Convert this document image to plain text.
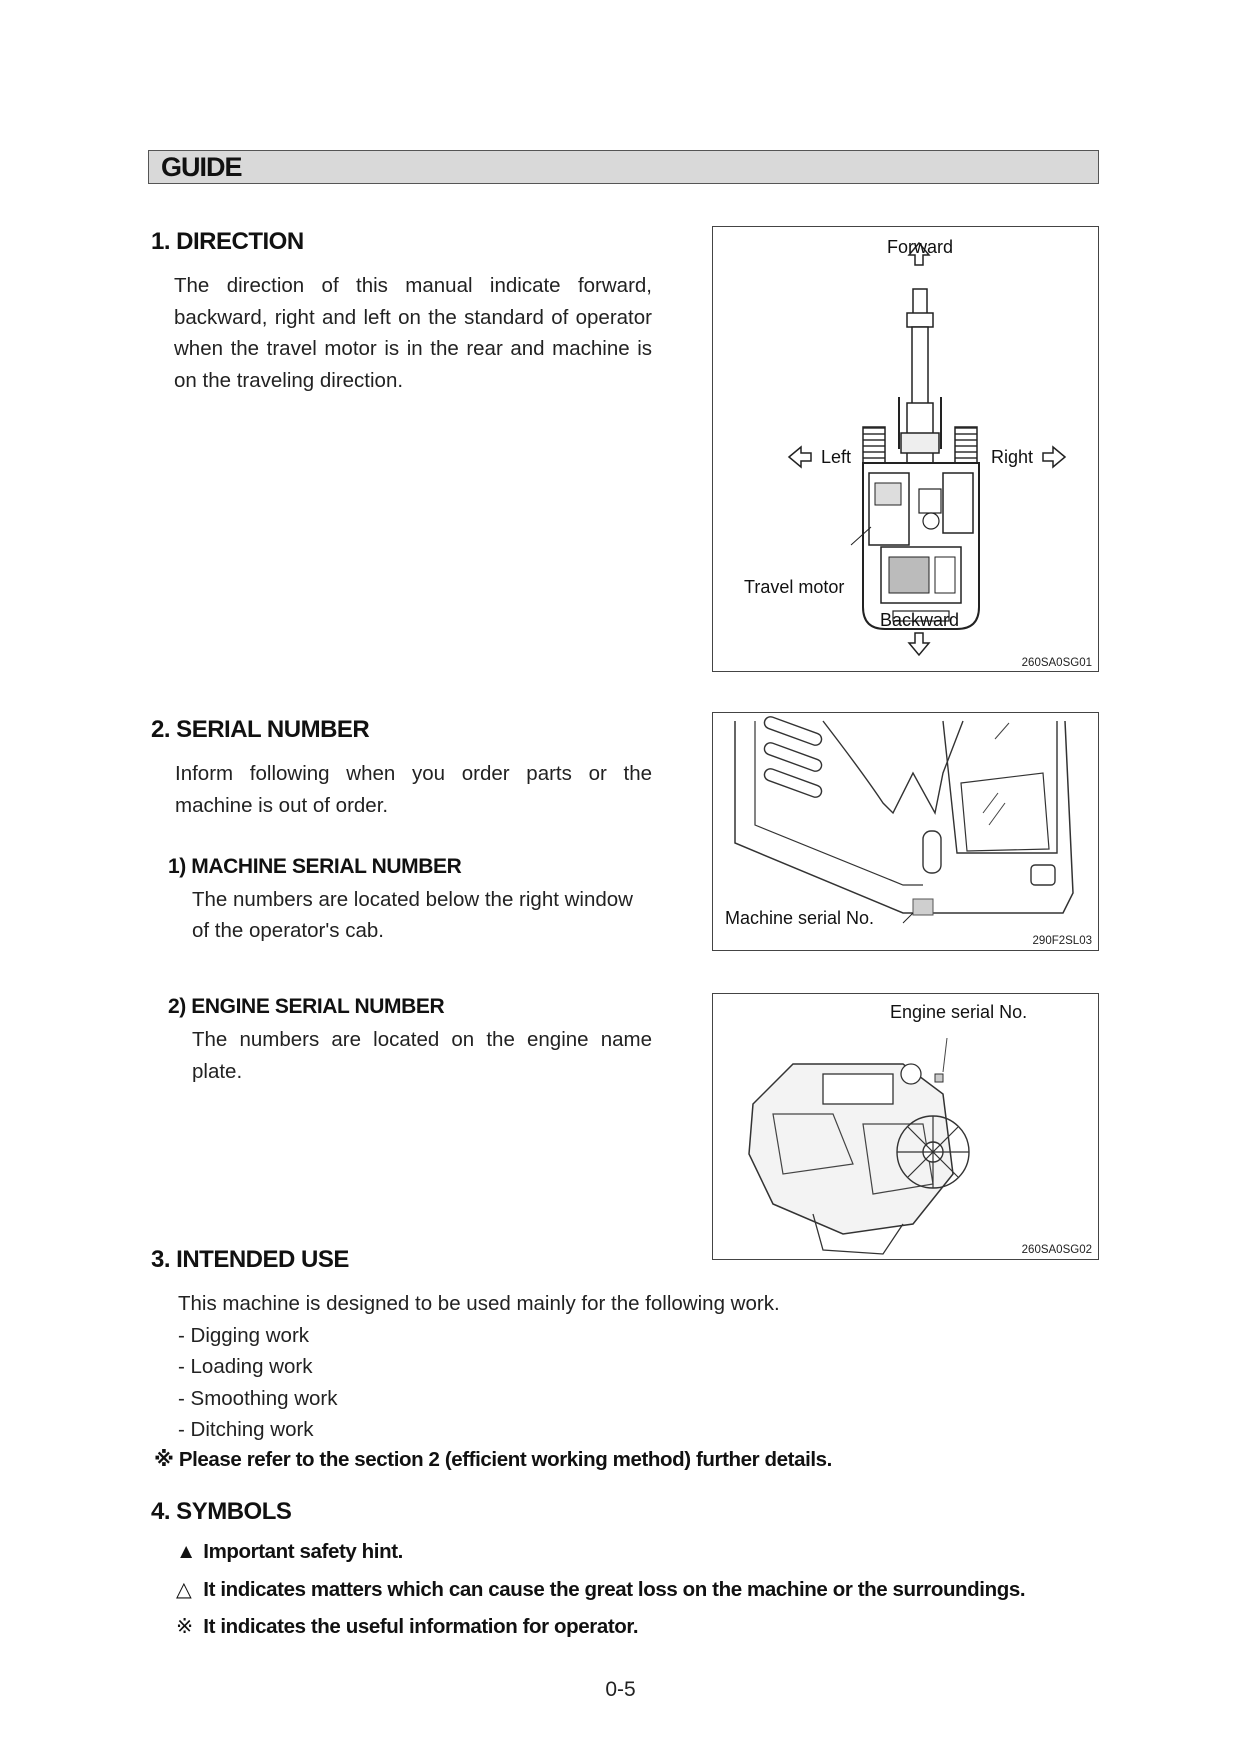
GUIDE
1. DIRECTION
The direction of this manual indicate forward, backward, right and left on the standard of operator when the travel motor is in the rear and machine is on the traveling direction.
Forward
Left	Right
Travel motor
Backward
260SA0SG01
2. SERIAL NUMBER
Inform following when you order parts or the machine is out of order.
1) MACHINE SERIAL NUMBER
The numbers are located below the right window
of the operator's cab.
Machine serial No.
290F2SL03
2) ENGINE SERIAL NUMBER
The numbers are located on the engine name plate.
Engine serial No.
260SA0SG02
3. INTENDED USE
This machine is designed to be used mainly for the following work.
- Digging work
- Loading work
- Smoothing work
- Ditching work
※ Please refer to the section 2 (efficient working method) further details.
4. SYMBOLS
▲ Important safety hint.
△ It indicates matters which can cause the great loss on the machine or the surroundings.
※ It indicates the useful information for operator.
0-5
